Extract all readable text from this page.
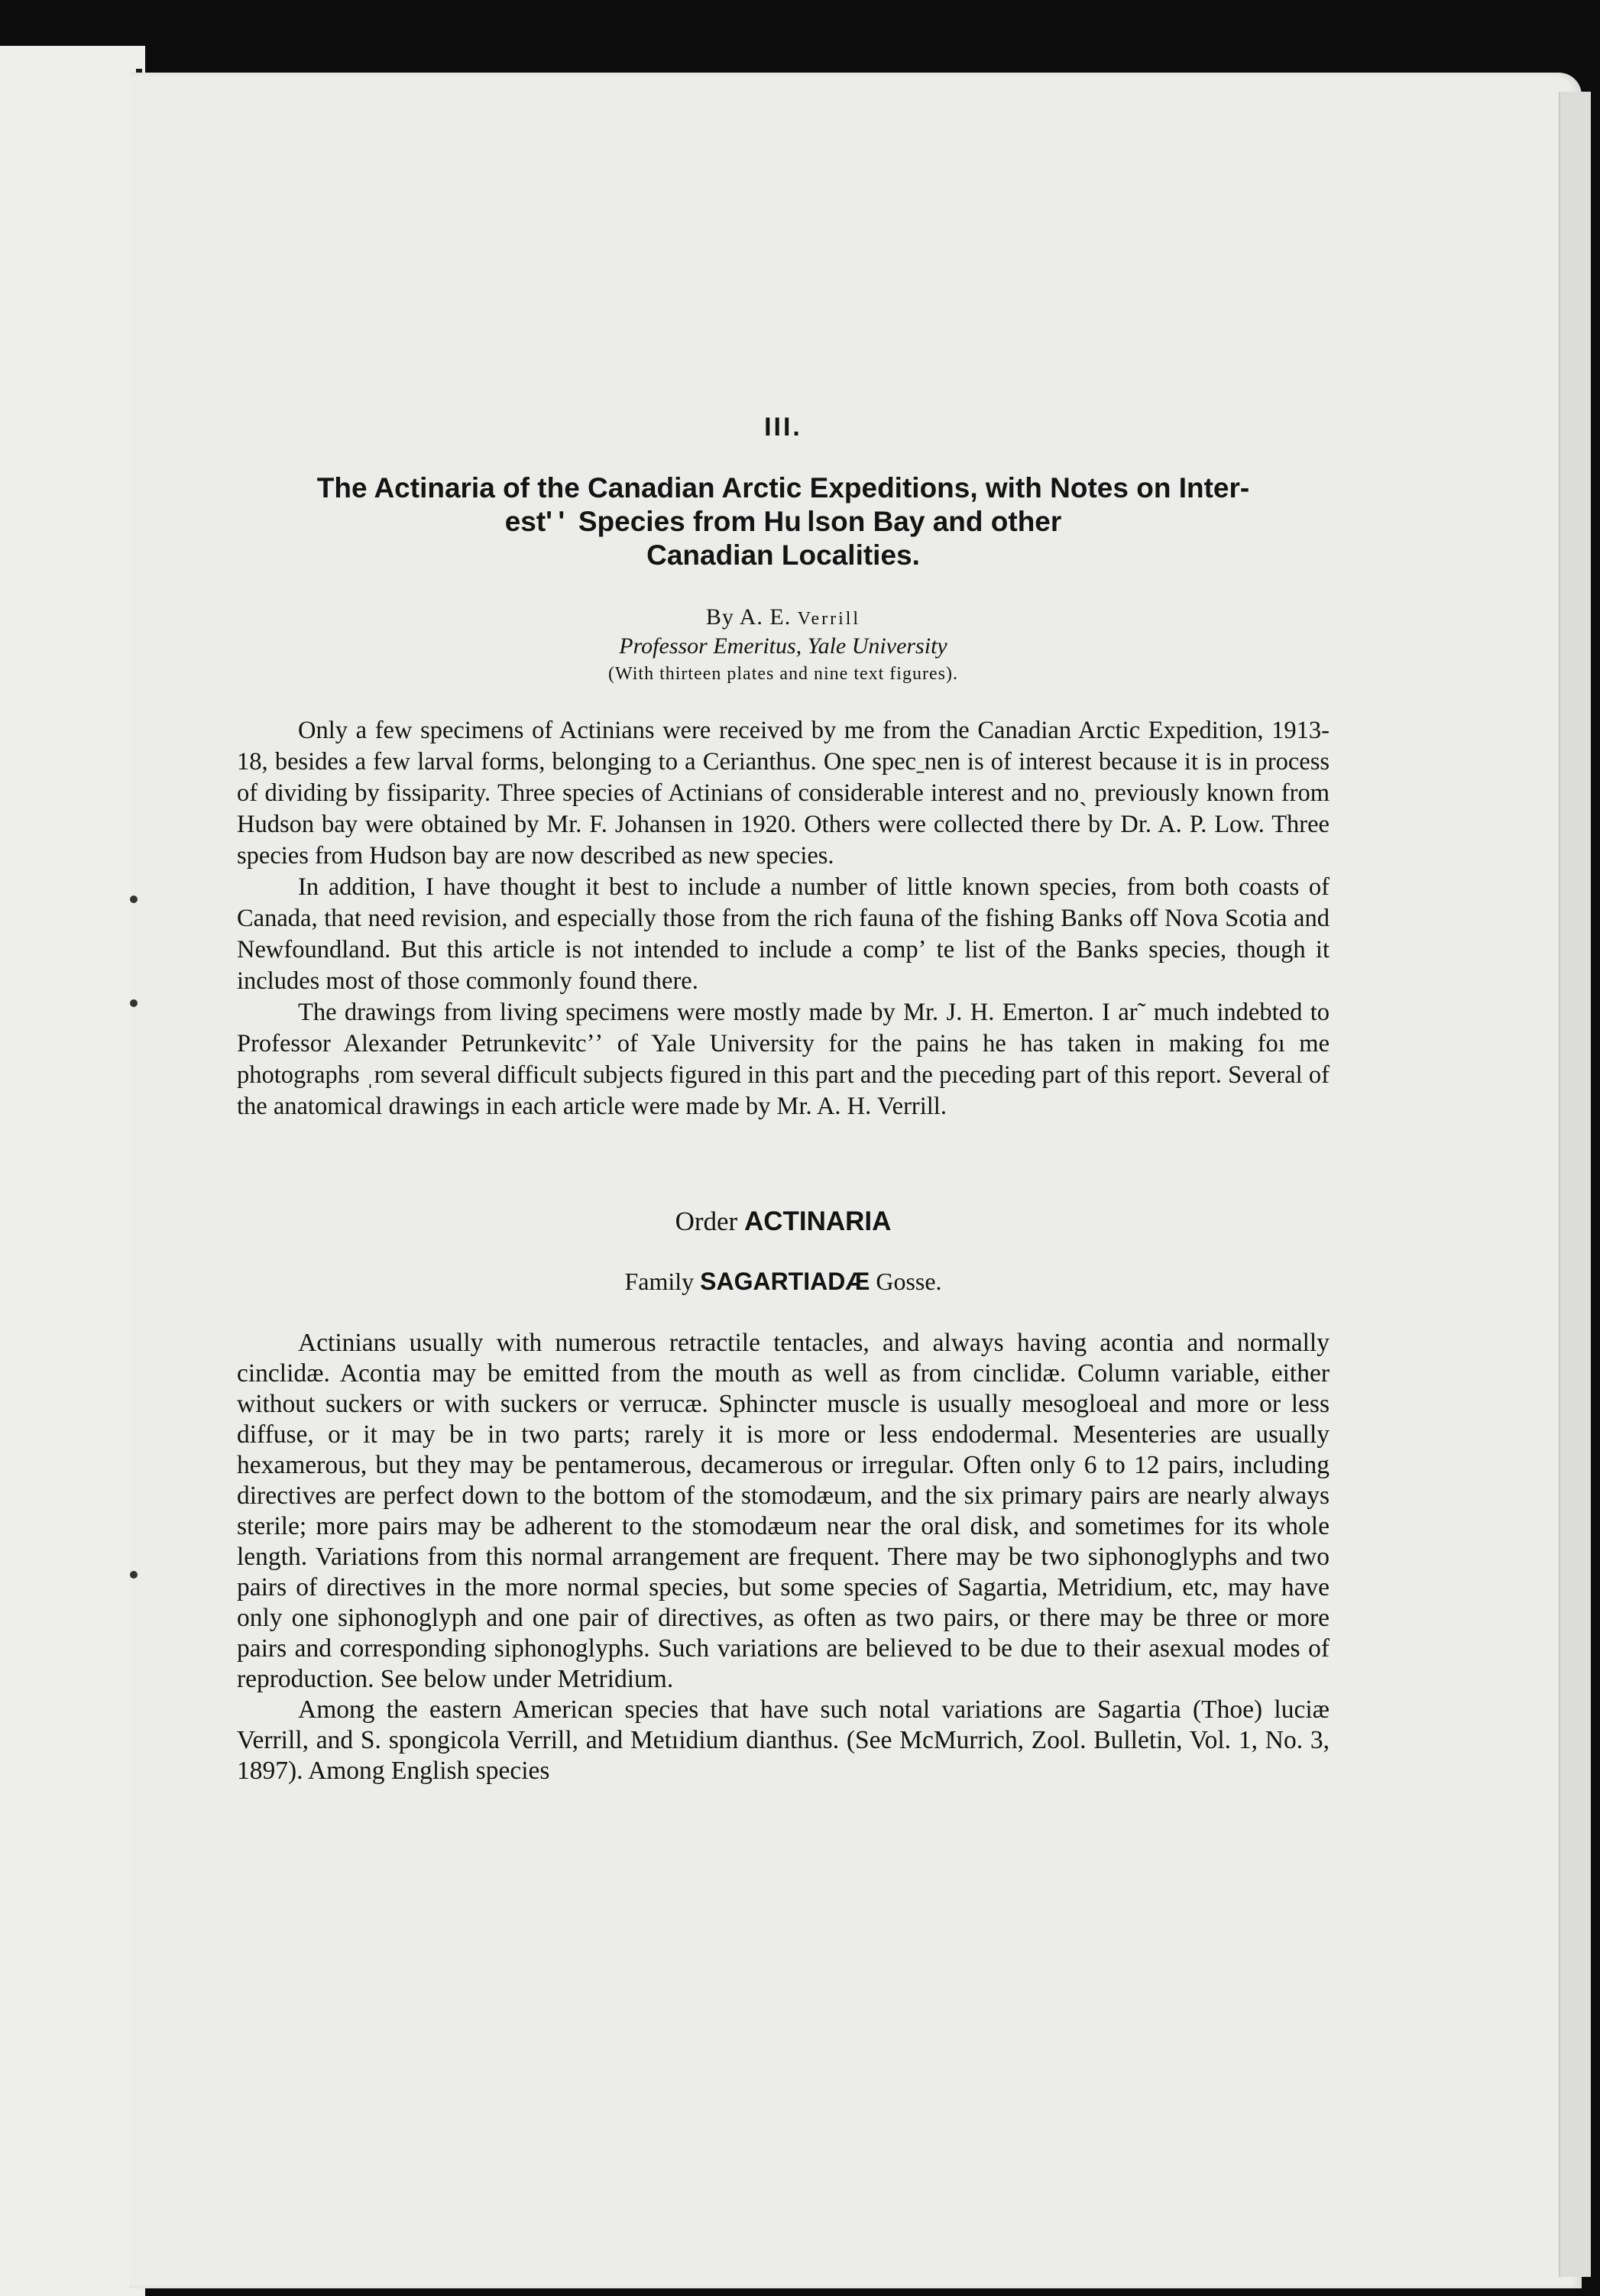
III.

The Actinaria of the Canadian Arctic Expeditions, with Notes on Inter-

est' '  Species from Hu lson Bay and other

Canadian Localities.

By A. E. Verrill
Professor Emeritus, Yale University
(With thirteen plates and nine text figures).

Only a few specimens of Actinians were received by me from the Canadian Arctic Expedition, 1913-18, besides a few larval forms, belonging to a Cerianthus. One specˍnen is of interest because it is in process of dividing by fissiparity. Three species of Actinians of considerable interest and noˏ previously known from Hudson bay were obtained by Mr. F. Johansen in 1920. Others were collected there by Dr. A. P. Low. Three species from Hudson bay are now described as new species.

In addition, I have thought it best to include a number of little known species, from both coasts of Canada, that need revision, and especially those from the rich fauna of the fishing Banks off Nova Scotia and Newfoundland. But this article is not intended to include a compʼ te list of the Banks species, though it includes most of those commonly found there.

The drawings from living specimens were mostly made by Mr. J. H. Emerton. I ar˜ much indebted to Professor Alexander Petrunkevitcʼʼ of Yale University for the pains he has taken in making foı me photographs ˌrom several difficult subjects figured in this part and the pıeceding part of this report. Several of the anatomical drawings in each article were made by Mr. A. H. Verrill.

Order ACTINARIA
Family SAGARTIADÆ Gosse.

Actinians usually with numerous retractile tentacles, and always having acontia and normally cinclidæ. Acontia may be emitted from the mouth as well as from cinclidæ. Column variable, either without suckers or with suckers or verrucæ. Sphincter muscle is usually mesogloeal and more or less diffuse, or it may be in two parts; rarely it is more or less endodermal. Mesenteries are usually hexamerous, but they may be pentamerous, decamerous or irregular. Often only 6 to 12 pairs, including directives are perfect down to the bottom of the stomodæum, and the six primary pairs are nearly always sterile; more pairs may be adherent to the stomodæum near the oral disk, and sometimes for its whole length. Variations from this normal arrangement are frequent. There may be two siphonoglyphs and two pairs of directives in the more normal species, but some species of Sagartia, Metridium, etc, may have only one siphonoglyph and one pair of directives, as often as two pairs, or there may be three or more pairs and corresponding siphonoglyphs. Such variations are believed to be due to their asexual modes of reproduction. See below under Metridium.

Among the eastern American species that have such notal variations are Sagartia (Thoe) luciæ Verrill, and S. spongicola Verrill, and Metıidium dianthus. (See McMurrich, Zool. Bulletin, Vol. 1, No. 3, 1897). Among English species
